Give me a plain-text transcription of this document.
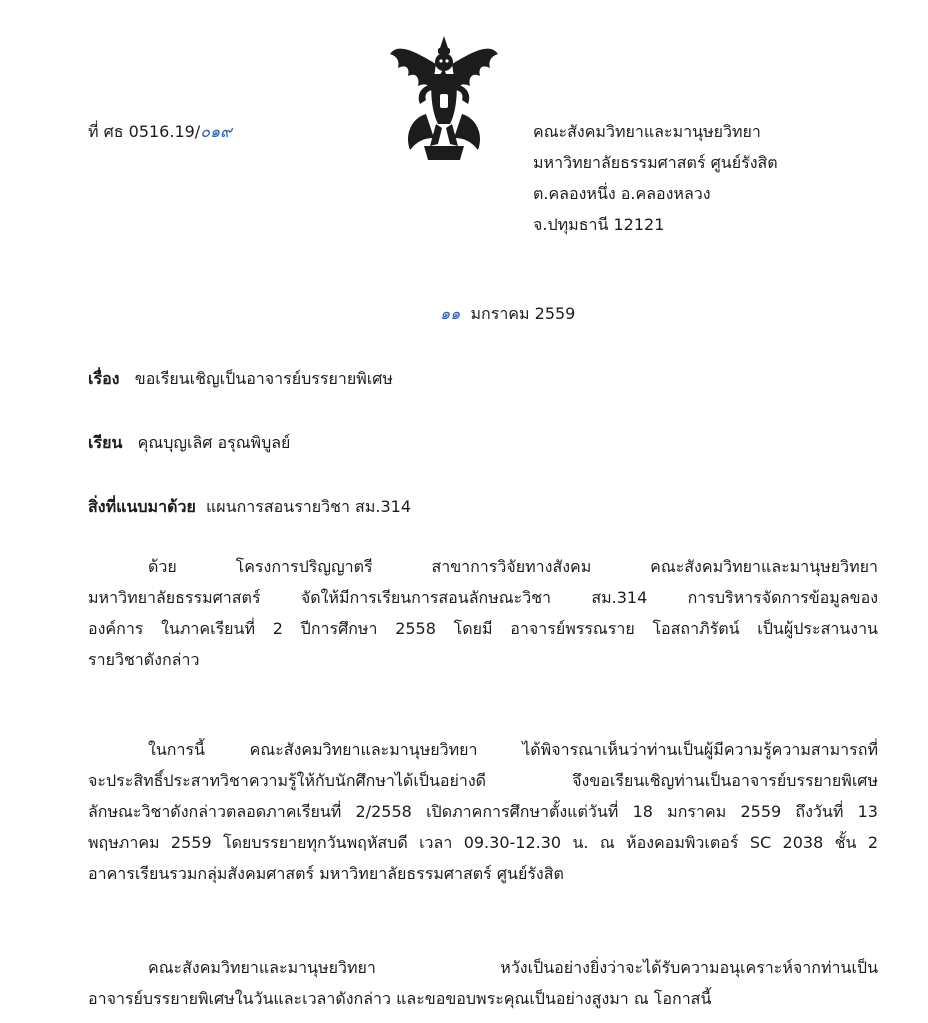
ที่ ศธ 0516.19/๐๑๙	คณะสังคมวิทยาและมานุษยวิทยา
มหาวิทยาลัยธรรมศาสตร์ ศูนย์รังสิต
ต.คลองหนึ่ง อ.คลองหลวง
จ.ปทุมธานี 12121
๑๑ มกราคม 2559
เรื่อง ขอเรียนเชิญเป็นอาจารย์บรรยายพิเศษ
เรียน คุณบุญเลิศ อรุณพิบูลย์
สิ่งที่แนบมาด้วย แผนการสอนรายวิชา สม.314
ด้วย โครงการปริญญาตรี สาขาการวิจัยทางสังคม คณะสังคมวิทยาและมานุษยวิทยา
มหาวิทยาลัยธรรมศาสตร์ จัดให้มีการเรียนการสอนลักษณะวิชา สม.314 การบริหารจัดการข้อมูลของ
องค์การ ในภาคเรียนที่ 2 ปีการศึกษา 2558 โดยมี อาจารย์พรรณราย โอสถาภิรัตน์ เป็นผู้ประสานงาน
รายวิชาดังกล่าว
ในการนี้ คณะสังคมวิทยาและมานุษยวิทยา ได้พิจารณาเห็นว่าท่านเป็นผู้มีความรู้ความสามารถที่
จะประสิทธิ์ประสาทวิชาความรู้ให้กับนักศึกษาได้เป็นอย่างดี จึงขอเรียนเชิญท่านเป็นอาจารย์บรรยายพิเศษ
ลักษณะวิชาดังกล่าวตลอดภาคเรียนที่ 2/2558 เปิดภาคการศึกษาตั้งแต่วันที่ 18 มกราคม 2559 ถึงวันที่ 13
พฤษภาคม 2559 โดยบรรยายทุกวันพฤหัสบดี เวลา 09.30-12.30 น. ณ ห้องคอมพิวเตอร์ SC 2038 ชั้น 2
อาคารเรียนรวมกลุ่มสังคมศาสตร์ มหาวิทยาลัยธรรมศาสตร์ ศูนย์รังสิต
คณะสังคมวิทยาและมานุษยวิทยา หวังเป็นอย่างยิ่งว่าจะได้รับความอนุเคราะห์จากท่านเป็น
อาจารย์บรรยายพิเศษในวันและเวลาดังกล่าว และขอขอบพระคุณเป็นอย่างสูงมา ณ โอกาสนี้
